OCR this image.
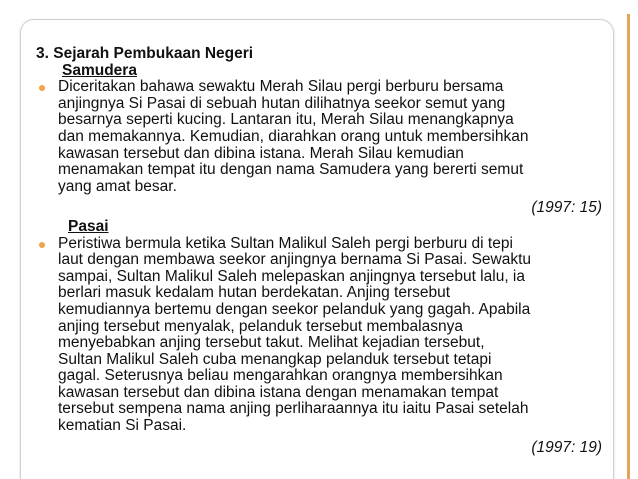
3. Sejarah Pembukaan Negeri
Samudera

Diceritakan bahawa sewaktu Merah Silau pergi berburu bersama

anjingnya Si Pasai di sebuah hutan dilihatnya seekor semut yang

besarnya seperti kucing. Lantaran itu, Merah Silau menangkapnya

dan memakannya. Kemudian, diarahkan orang untuk membersihkan

kawasan tersebut dan dibina istana. Merah Silau kemudian

menamakan tempat itu dengan nama Samudera yang bererti semut

yang amat besar.

(1997: 15)
Pasai

Peristiwa bermula ketika Sultan Malikul Saleh pergi berburu di tepi

laut dengan membawa seekor anjingnya bernama Si Pasai. Sewaktu

sampai, Sultan Malikul Saleh melepaskan anjingnya tersebut lalu, ia

berlari masuk kedalam hutan berdekatan. Anjing tersebut

kemudiannya bertemu dengan seekor pelanduk yang gagah. Apabila

anjing tersebut menyalak, pelanduk tersebut membalasnya

menyebabkan anjing tersebut takut. Melihat kejadian tersebut,

Sultan Malikul Saleh cuba menangkap pelanduk tersebut tetapi

gagal. Seterusnya beliau mengarahkan orangnya membersihkan

kawasan tersebut dan dibina istana dengan menamakan tempat

tersebut sempena nama anjing perliharaannya itu iaitu Pasai setelah

kematian Si Pasai.

(1997: 19)
